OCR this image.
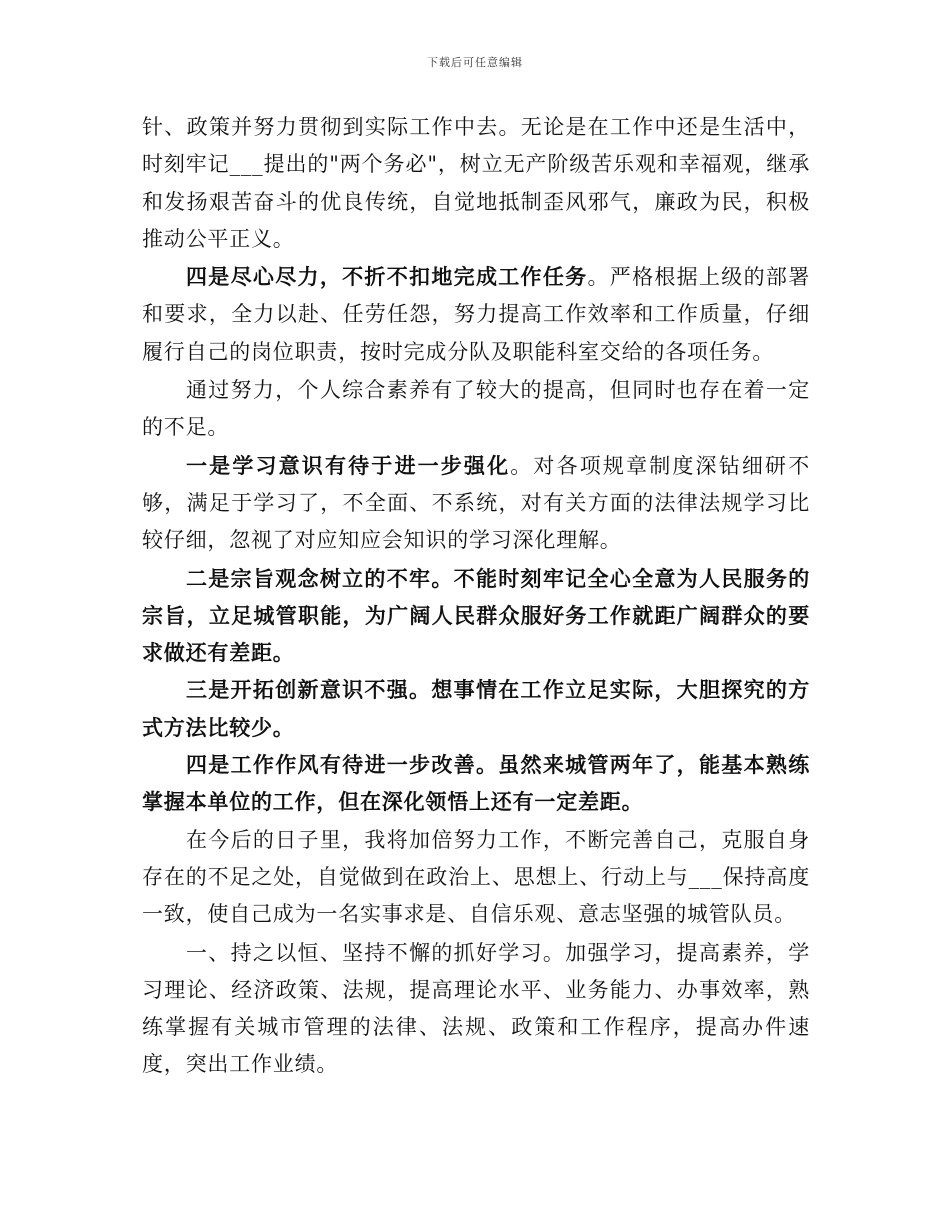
下载后可任意编辑

针、政策并努力贯彻到实际工作中去。无论是在工作中还是生活中，时刻牢记___提出的"两个务必"，树立无产阶级苦乐观和幸福观，继承和发扬艰苦奋斗的优良传统，自觉地抵制歪风邪气，廉政为民，积极推动公平正义。

四是尽心尽力，不折不扣地完成工作任务。严格根据上级的部署和要求，全力以赴、任劳任怨，努力提高工作效率和工作质量，仔细履行自己的岗位职责，按时完成分队及职能科室交给的各项任务。

通过努力，个人综合素养有了较大的提高，但同时也存在着一定的不足。

一是学习意识有待于进一步强化。对各项规章制度深钻细研不够，满足于学习了，不全面、不系统，对有关方面的法律法规学习比较仔细，忽视了对应知应会知识的学习深化理解。

二是宗旨观念树立的不牢。不能时刻牢记全心全意为人民服务的宗旨，立足城管职能，为广阔人民群众服好务工作就距广阔群众的要求做还有差距。

三是开拓创新意识不强。想事情在工作立足实际，大胆探究的方式方法比较少。

四是工作作风有待进一步改善。虽然来城管两年了，能基本熟练掌握本单位的工作，但在深化领悟上还有一定差距。

在今后的日子里，我将加倍努力工作，不断完善自己，克服自身存在的不足之处，自觉做到在政治上、思想上、行动上与___保持高度一致，使自己成为一名实事求是、自信乐观、意志坚强的城管队员。

一、持之以恒、坚持不懈的抓好学习。加强学习，提高素养，学习理论、经济政策、法规，提高理论水平、业务能力、办事效率，熟练掌握有关城市管理的法律、法规、政策和工作程序，提高办件速度，突出工作业绩。
